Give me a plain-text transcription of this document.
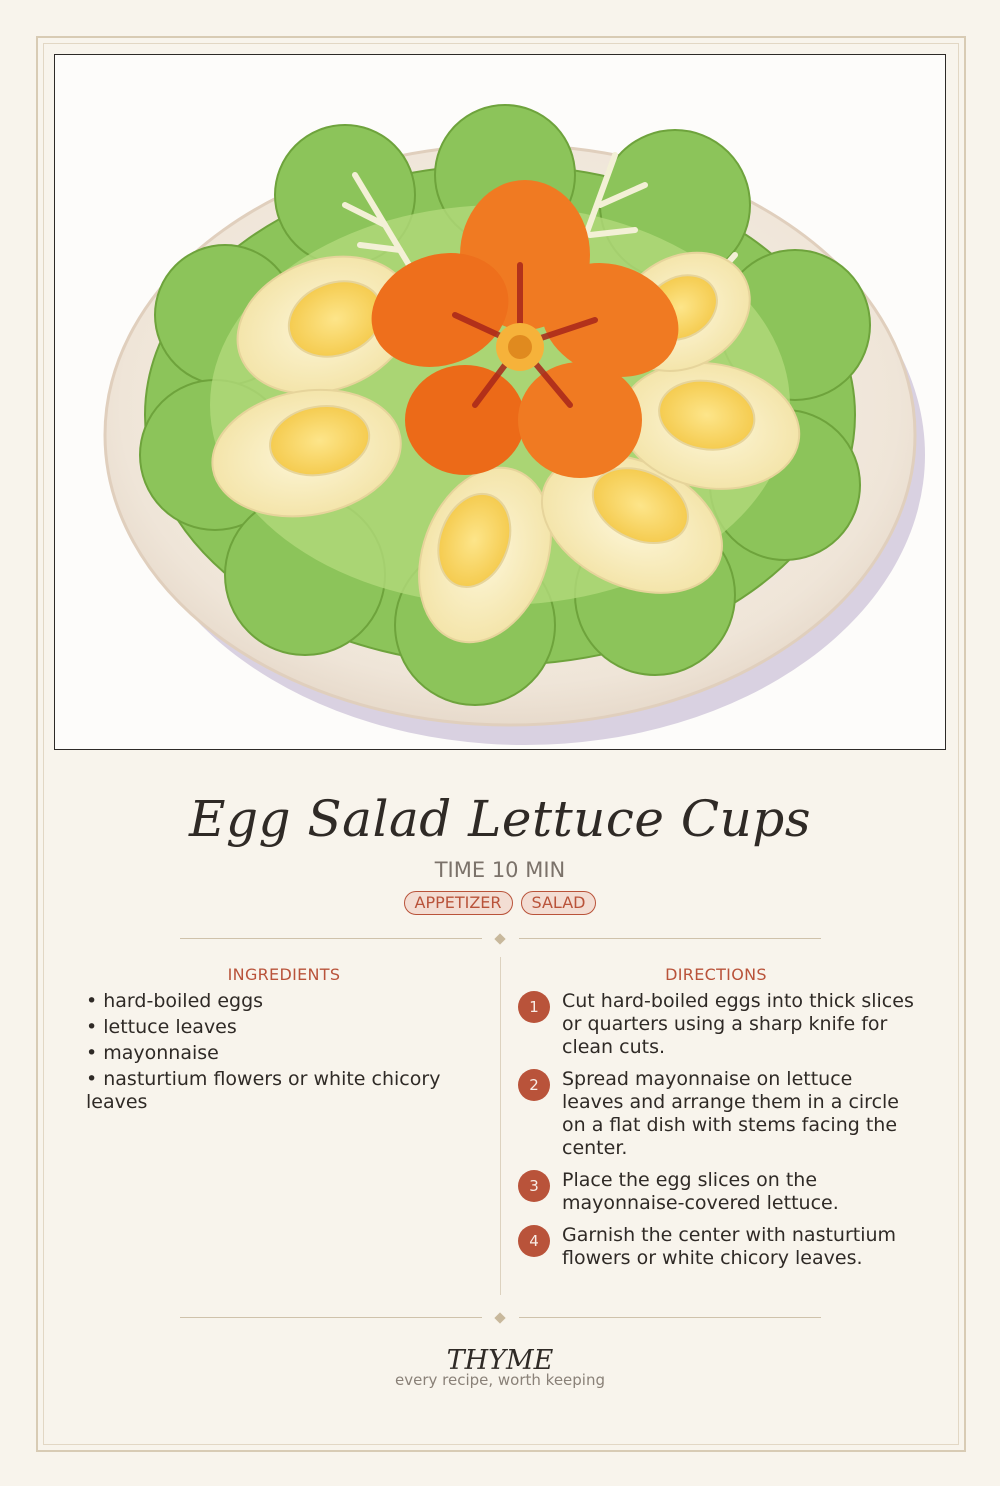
Egg Salad Lettuce Cups
TIME 10 MIN
APPETIZER	SALAD
INGREDIENTS
• hard-boiled eggs
• lettuce leaves
• mayonnaise
• nasturtium flowers or white chicory leaves
DIRECTIONS
1	Cut hard-boiled eggs into thick slices or quarters using a sharp knife for clean cuts.
2	Spread mayonnaise on lettuce leaves and arrange them in a circle on a flat dish with stems facing the center.
3	Place the egg slices on the mayonnaise-covered lettuce.
4	Garnish the center with nasturtium flowers or white chicory leaves.
THYME
every recipe, worth keeping
